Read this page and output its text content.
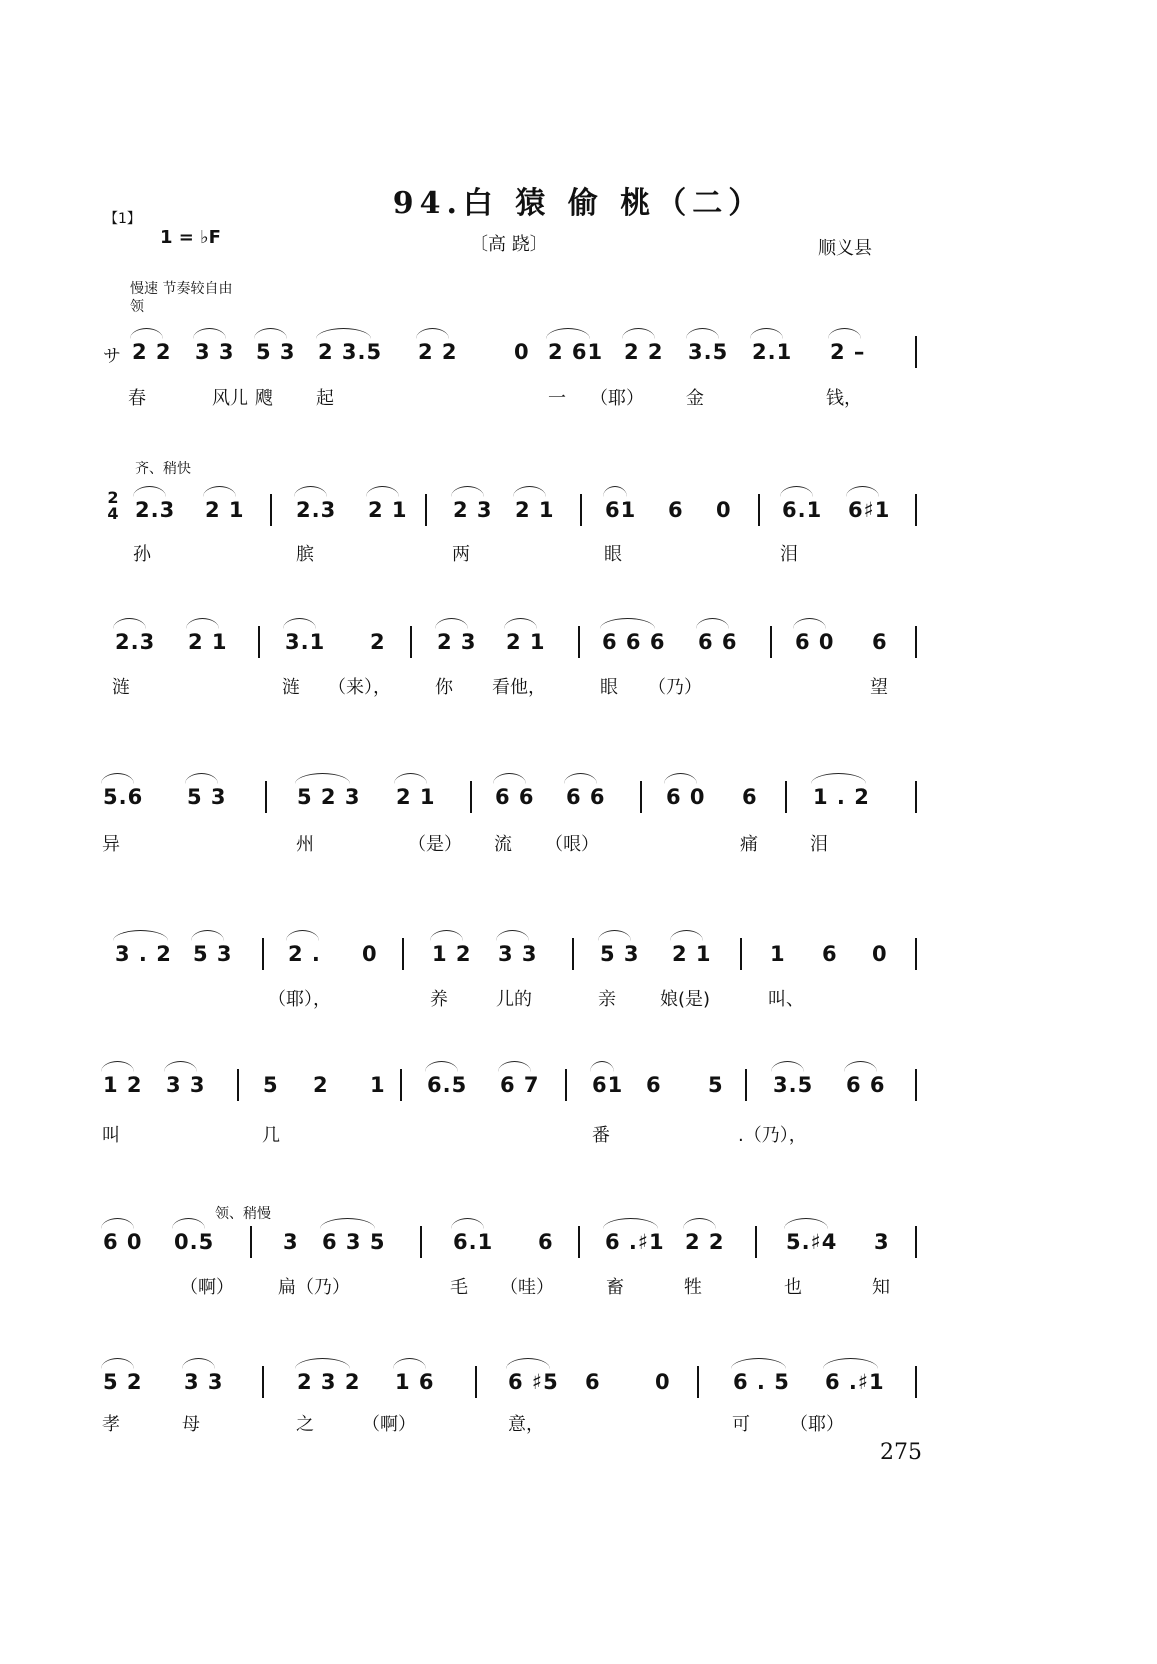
94.白 猿 偷 桃（二）
【1】
1 = ♭F	〔高 跷〕	顺义县
慢速 节奏较自由
领
齐、稍快
领、稍慢
サ
2
4
2 2 3 3 5 3 2 3.5 2 2	0 2 61 2 2 3.5 2.1 2 –
春	风儿 飕 起	一 （耶） 金	钱，
2.3 2 1 2.3 2 1 2 3 2 1 61 6 0 6.1 6♯1
孙	膑	两	眼	泪
2.3 2 1	3.1 2 2 3 2 1	6 6 6 6 6	6 0 6
涟	涟 （来）， 你 看他，	眼 （乃）	望
5.6 5 3	5 2 3 2 1	6 6 6 6	6 0 6	1 . 2
异	州	（是） 流 （哏）	痛	泪
3 . 2 5 3	2 . 0	1 2 3 3	5 3 2 1	1 6 0
（耶），	养	儿的	亲 娘(是)	叫、
1 2 3 3	5 2 1 6.5 6 7 61 6 5 3.5 6 6
叫	几	番	.（乃），
6 0 0.5	3 6 3 5	6.1 6 6 .♯1 2 2	5.♯4 3
（啊） 扁（乃）	毛 （哇）	畜	牲	也	知
5 2 3 3	2 3 2 1 6	6 ♯5 6	0	6 . 5 6 .♯1
孝	母	之	（啊）	意，	可 （耶）
275
